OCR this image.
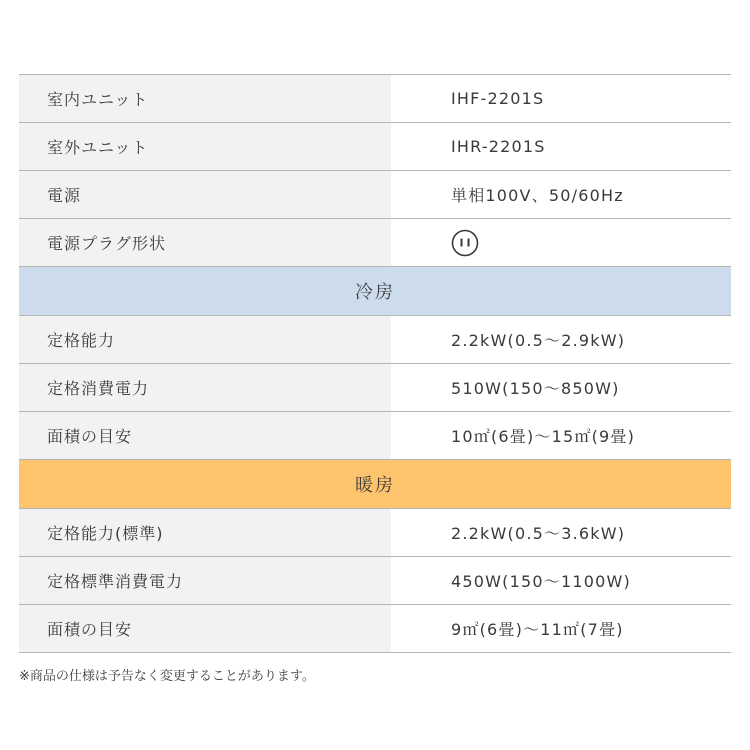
室内ユニット	IHF-2201S
室外ユニット	IHR-2201S
電源	単相100V、50/60Hz
電源プラグ形状
冷房
定格能力	2.2kW(0.5〜2.9kW)
定格消費電力	510W(150〜850W)
面積の目安	10㎡(6畳)〜15㎡(9畳)
暖房
定格能力(標準)	2.2kW(0.5〜3.6kW)
定格標準消費電力	450W(150〜1100W)
面積の目安	9㎡(6畳)〜11㎡(7畳)
※商品の仕様は予告なく変更することがあります。
